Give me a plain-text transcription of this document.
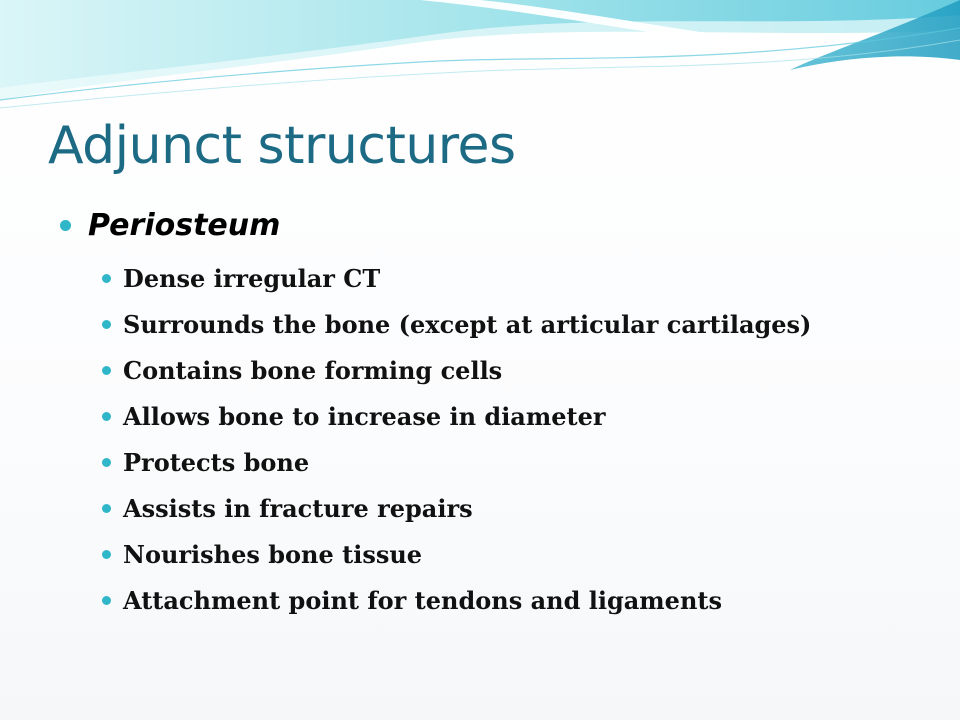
Adjunct structures
Periosteum
Dense irregular CT
Surrounds the bone (except at articular cartilages)
Contains bone forming cells
Allows bone to increase in diameter
Protects bone
Assists in fracture repairs
Nourishes bone tissue
Attachment point for tendons and ligaments
